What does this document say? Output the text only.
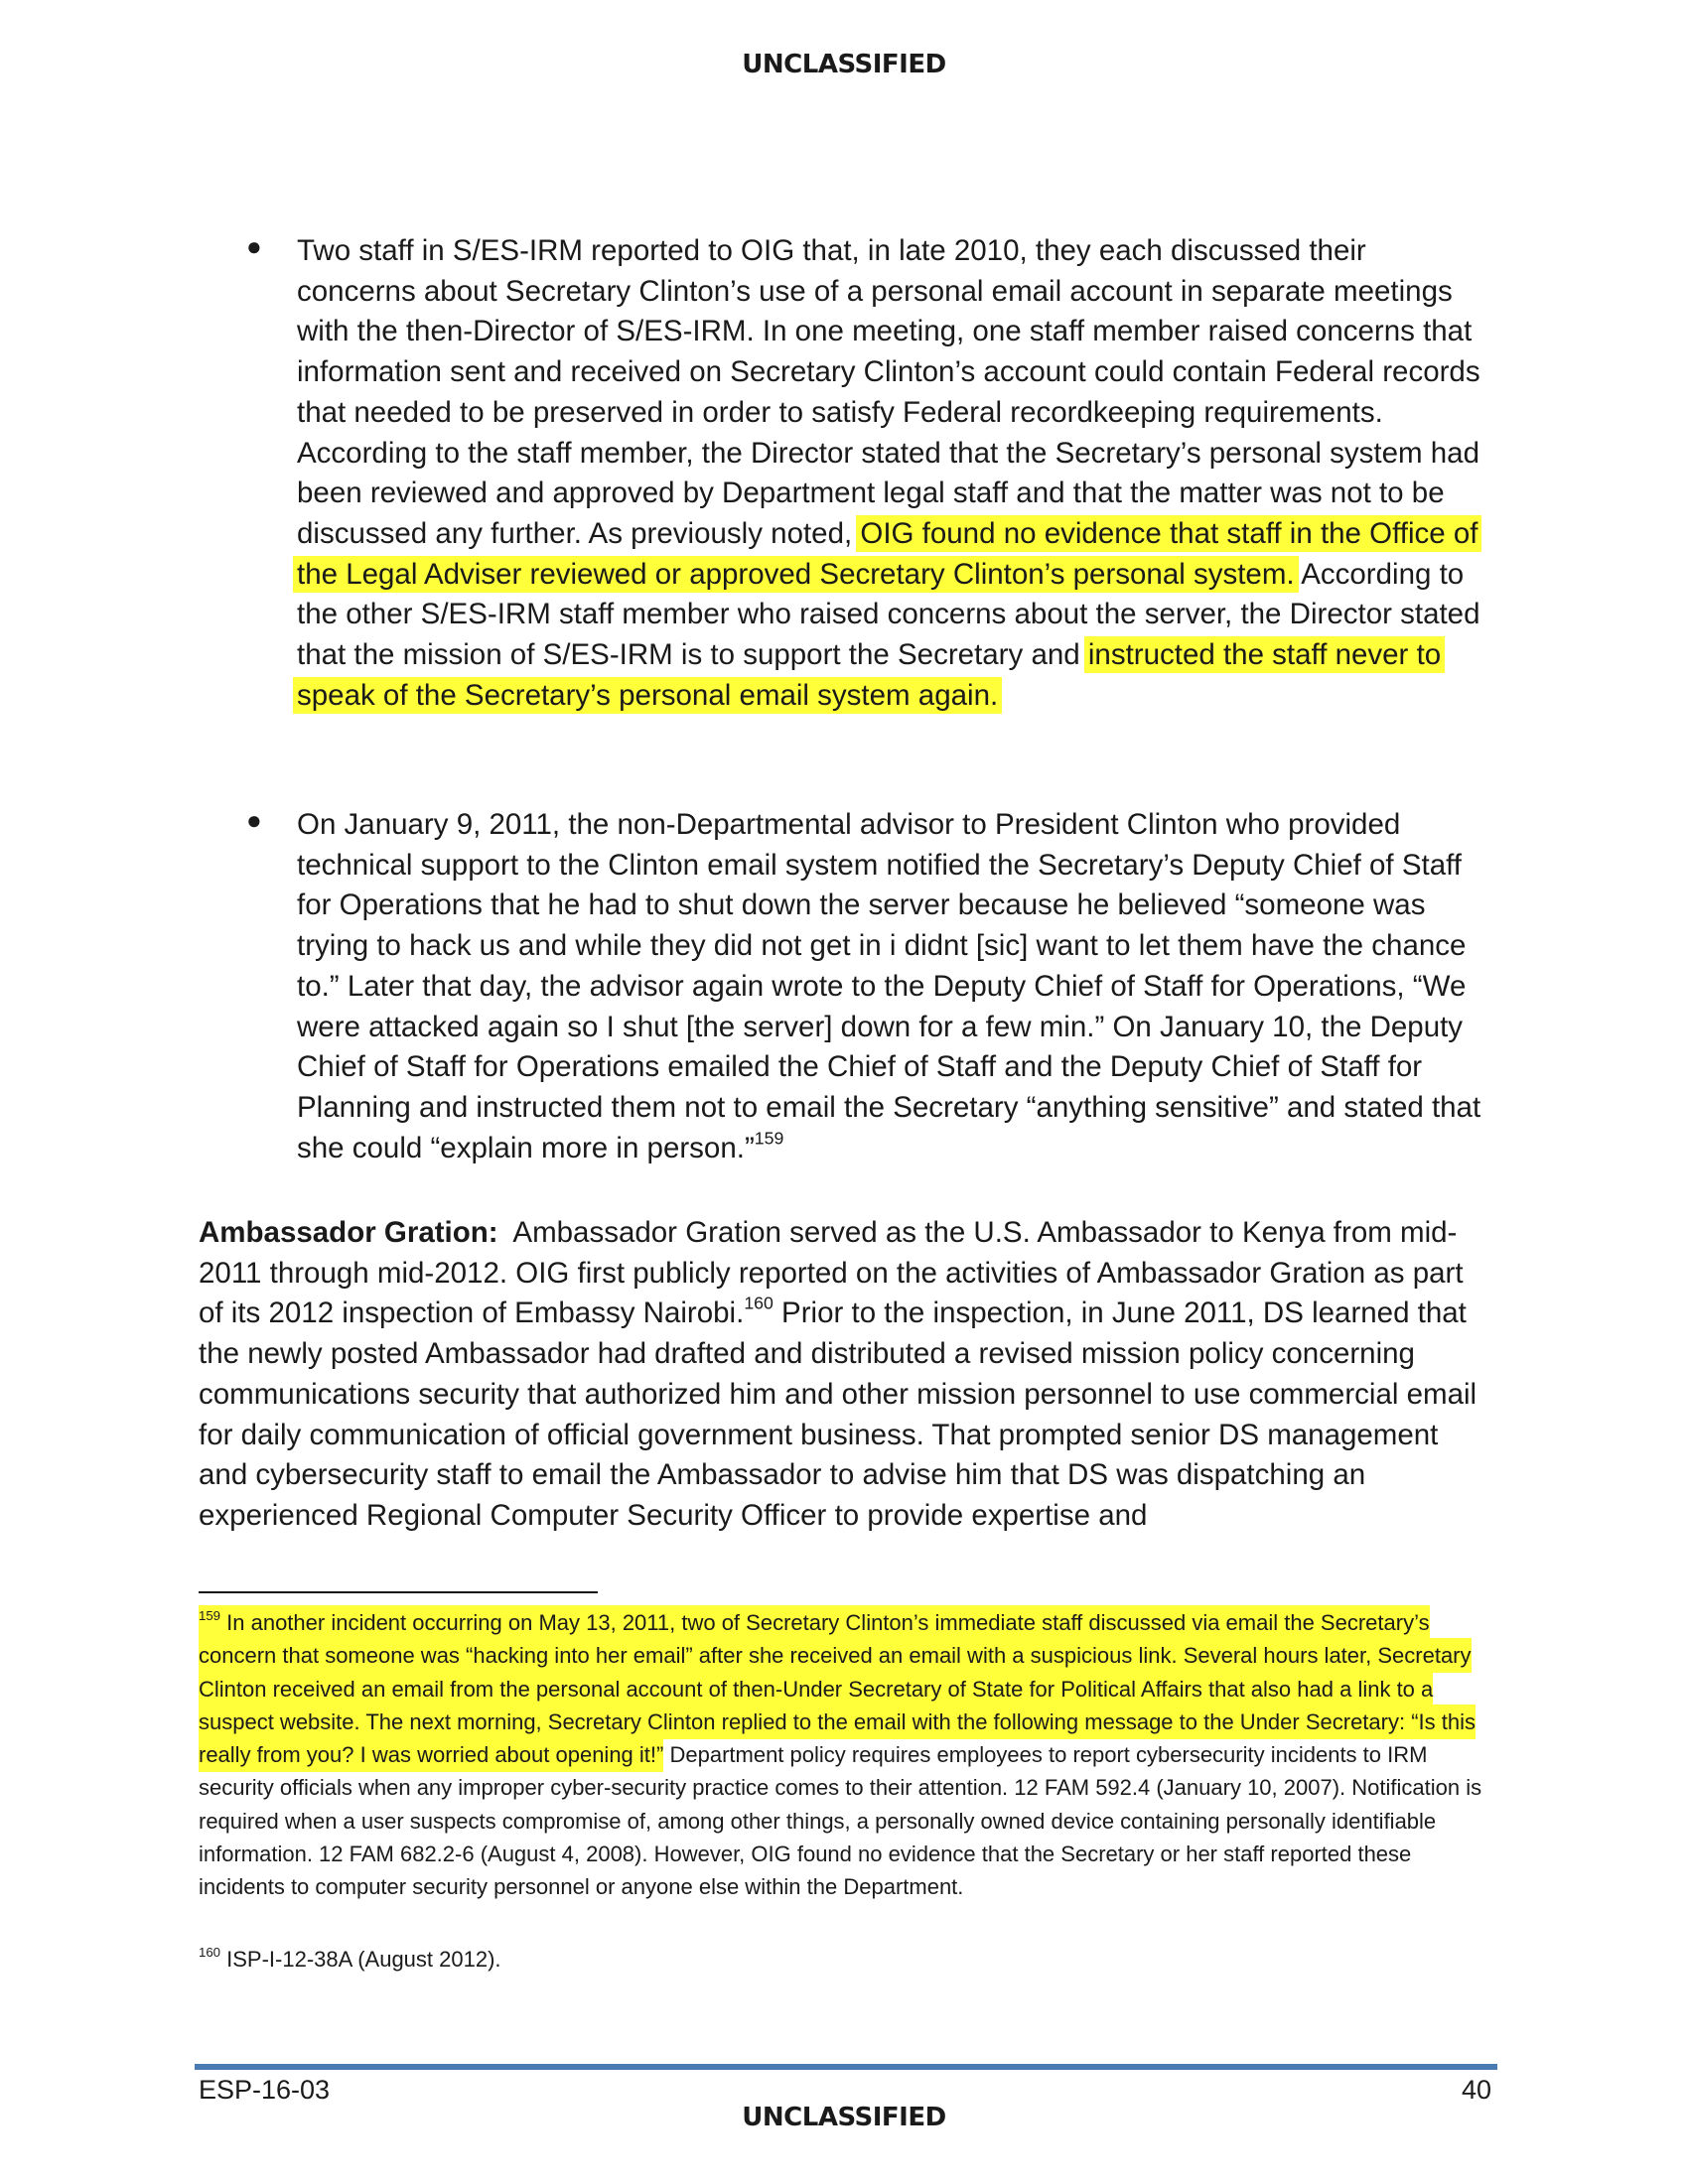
UNCLASSIFIED
● Two staff in S/ES-IRM reported to OIG that, in late 2010, they each discussed their concerns about Secretary Clinton’s use of a personal email account in separate meetings with the then-Director of S/ES-IRM. In one meeting, one staff member raised concerns that information sent and received on Secretary Clinton’s account could contain Federal records that needed to be preserved in order to satisfy Federal recordkeeping requirements. According to the staff member, the Director stated that the Secretary’s personal system had been reviewed and approved by Department legal staff and that the matter was not to be discussed any further. As previously noted, OIG found no evidence that staff in the Office of the Legal Adviser reviewed or approved Secretary Clinton’s personal system. According to the other S/ES-IRM staff member who raised concerns about the server, the Director stated that the mission of S/ES-IRM is to support the Secretary and instructed the staff never to speak of the Secretary’s personal email system again.
● On January 9, 2011, the non-Departmental advisor to President Clinton who provided technical support to the Clinton email system notified the Secretary’s Deputy Chief of Staff for Operations that he had to shut down the server because he believed “someone was trying to hack us and while they did not get in i didnt [sic] want to let them have the chance to.” Later that day, the advisor again wrote to the Deputy Chief of Staff for Operations, “We were attacked again so I shut [the server] down for a few min.” On January 10, the Deputy Chief of Staff for Operations emailed the Chief of Staff and the Deputy Chief of Staff for Planning and instructed them not to email the Secretary “anything sensitive” and stated that she could “explain more in person.”$^{159}$
Ambassador Gration: Ambassador Gration served as the U.S. Ambassador to Kenya from mid-2011 through mid-2012. OIG first publicly reported on the activities of Ambassador Gration as part of its 2012 inspection of Embassy Nairobi.$^{160}$ Prior to the inspection, in June 2011, DS learned that the newly posted Ambassador had drafted and distributed a revised mission policy concerning communications security that authorized him and other mission personnel to use commercial email for daily communication of official government business. That prompted senior DS management and cybersecurity staff to email the Ambassador to advise him that DS was dispatching an experienced Regional Computer Security Officer to provide expertise and
$^{159}$ In another incident occurring on May 13, 2011, two of Secretary Clinton’s immediate staff discussed via email the Secretary’s concern that someone was “hacking into her email” after she received an email with a suspicious link. Several hours later, Secretary Clinton received an email from the personal account of then-Under Secretary of State for Political Affairs that also had a link to a suspect website. The next morning, Secretary Clinton replied to the email with the following message to the Under Secretary: “Is this really from you? I was worried about opening it!” Department policy requires employees to report cybersecurity incidents to IRM security officials when any improper cyber-security practice comes to their attention. 12 FAM 592.4 (January 10, 2007). Notification is required when a user suspects compromise of, among other things, a personally owned device containing personally identifiable information. 12 FAM 682.2-6 (August 4, 2008). However, OIG found no evidence that the Secretary or her staff reported these incidents to computer security personnel or anyone else within the Department.
$^{160}$ ISP-I-12-38A (August 2012).
ESP-16-03	40
UNCLASSIFIED
